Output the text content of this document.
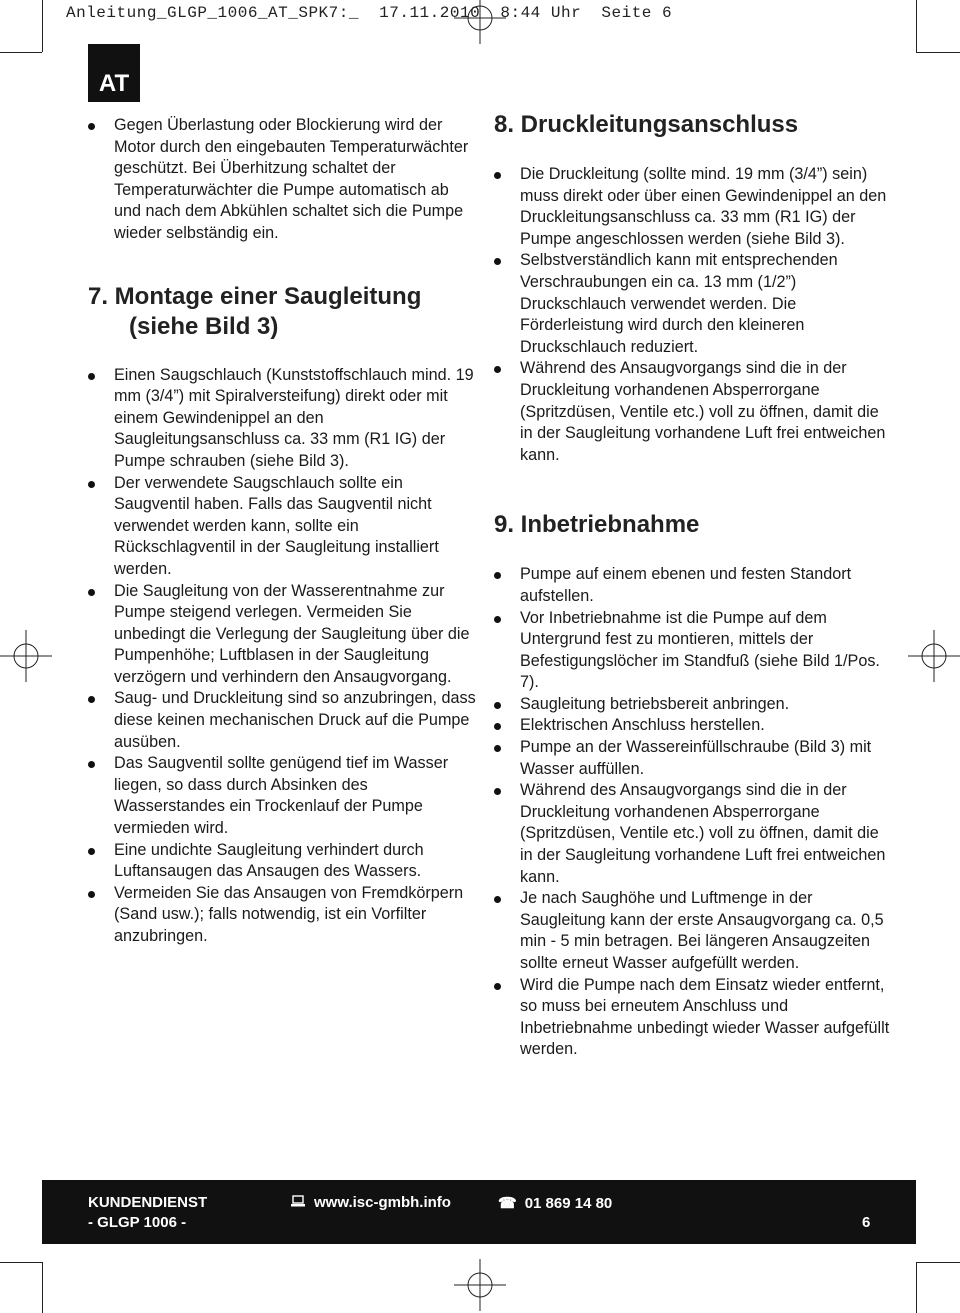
Anleitung_GLGP_1006_AT_SPK7:_  17.11.2010  8:44 Uhr  Seite 6
AT
Gegen Überlastung oder Blockierung wird der Motor durch den eingebauten Temperaturwächter geschützt. Bei Überhitzung schaltet der Temperaturwächter die Pumpe automatisch ab und nach dem Abkühlen schaltet sich die Pumpe wieder selbständig ein.
7. Montage einer Saugleitung
(siehe Bild 3)
Einen Saugschlauch (Kunststoffschlauch mind. 19 mm (3/4”) mit Spiralversteifung) direkt oder mit einem Gewindenippel an den Saugleitungsanschluss ca. 33 mm (R1 IG) der Pumpe schrauben (siehe Bild 3).
Der verwendete Saugschlauch sollte ein Saugventil haben. Falls das Saugventil nicht verwendet werden kann, sollte ein Rückschlagventil in der Saugleitung installiert werden.
Die Saugleitung von der Wasserentnahme zur Pumpe steigend verlegen. Vermeiden Sie unbedingt die Verlegung der Saugleitung über die Pumpenhöhe; Luftblasen in der Saugleitung verzögern und verhindern den Ansaugvorgang.
Saug- und Druckleitung sind so anzubringen, dass diese keinen mechanischen Druck auf die Pumpe ausüben.
Das Saugventil sollte genügend tief im Wasser liegen, so dass durch Absinken des Wasserstandes ein Trockenlauf der Pumpe vermieden wird.
Eine undichte Saugleitung verhindert durch Luftansaugen das Ansaugen des Wassers.
Vermeiden Sie das Ansaugen von Fremdkörpern (Sand usw.); falls notwendig, ist ein Vorfilter anzubringen.
8. Druckleitungsanschluss
Die Druckleitung (sollte mind. 19 mm (3/4”) sein) muss direkt oder über einen Gewindenippel an den Druckleitungsanschluss ca. 33 mm (R1 IG) der Pumpe angeschlossen werden (siehe Bild 3).
Selbstverständlich kann mit entsprechenden Verschraubungen ein ca. 13 mm (1/2”) Druckschlauch verwendet werden. Die Förderleistung wird durch den kleineren Druckschlauch reduziert.
Während des Ansaugvorgangs sind die in der Druckleitung vorhandenen Absperrorgane (Spritzdüsen, Ventile etc.) voll zu öffnen, damit die in der Saugleitung vorhandene Luft frei entweichen kann.
9. Inbetriebnahme
Pumpe auf einem ebenen und festen Standort aufstellen.
Vor Inbetriebnahme ist die Pumpe auf dem Untergrund fest zu montieren, mittels der Befestigungslöcher im Standfuß (siehe Bild 1/Pos. 7).
Saugleitung betriebsbereit anbringen.
Elektrischen Anschluss herstellen.
Pumpe an der Wassereinfüllschraube (Bild 3) mit Wasser auffüllen.
Während des Ansaugvorgangs sind die in der Druckleitung vorhandenen Absperrorgane (Spritzdüsen, Ventile etc.) voll zu öffnen, damit die in der Saugleitung vorhandene Luft frei entweichen kann.
Je nach Saughöhe und Luftmenge in der Saugleitung kann der erste Ansaugvorgang ca. 0,5 min - 5 min betragen. Bei längeren Ansaugzeiten sollte erneut Wasser aufgefüllt werden.
Wird die Pumpe nach dem Einsatz wieder entfernt, so muss bei erneutem Anschluss und Inbetriebnahme unbedingt wieder Wasser aufgefüllt werden.
KUNDENDIENST
- GLGP 1006 -
www.isc-gmbh.info	☎ 01 869 14 80
6
